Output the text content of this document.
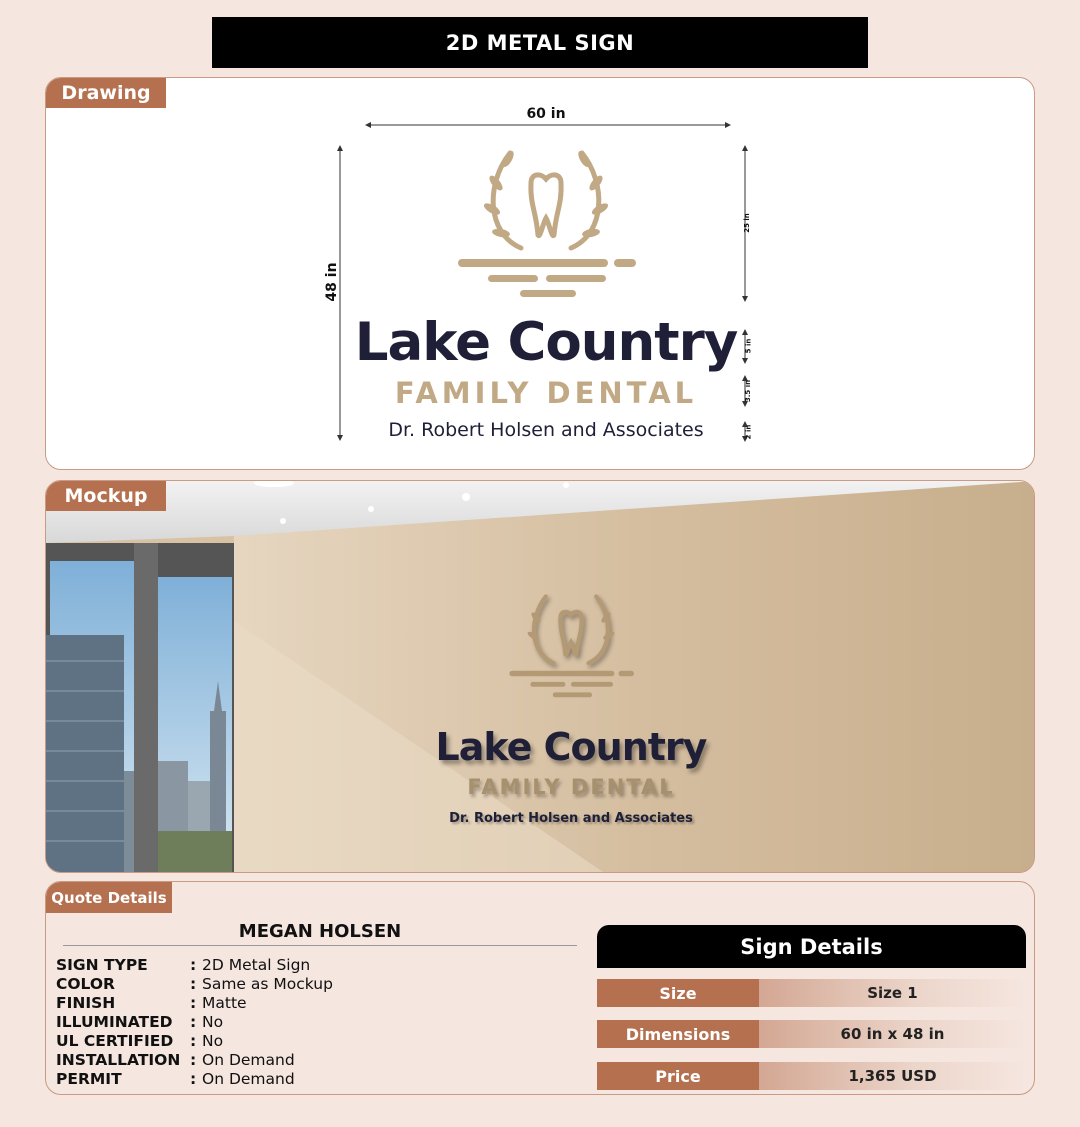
2D METAL SIGN
Drawing
60 in
48 in
25 in
5 in
3.5 in
2 in
Lake Country
FAMILY DENTAL
Dr. Robert Holsen and Associates
Mockup
Lake Country
FAMILY DENTAL
Dr. Robert Holsen and Associates
Quote Details
MEGAN HOLSEN
SIGN TYPE	: 2D Metal Sign
COLOR	: Same as Mockup
FINISH	: Matte
ILLUMINATED	: No
UL CERTIFIED	: No
INSTALLATION : On Demand
PERMIT	: On Demand
Sign Details
Size	Size 1
Dimensions	60 in x 48 in
Price	1,365 USD
